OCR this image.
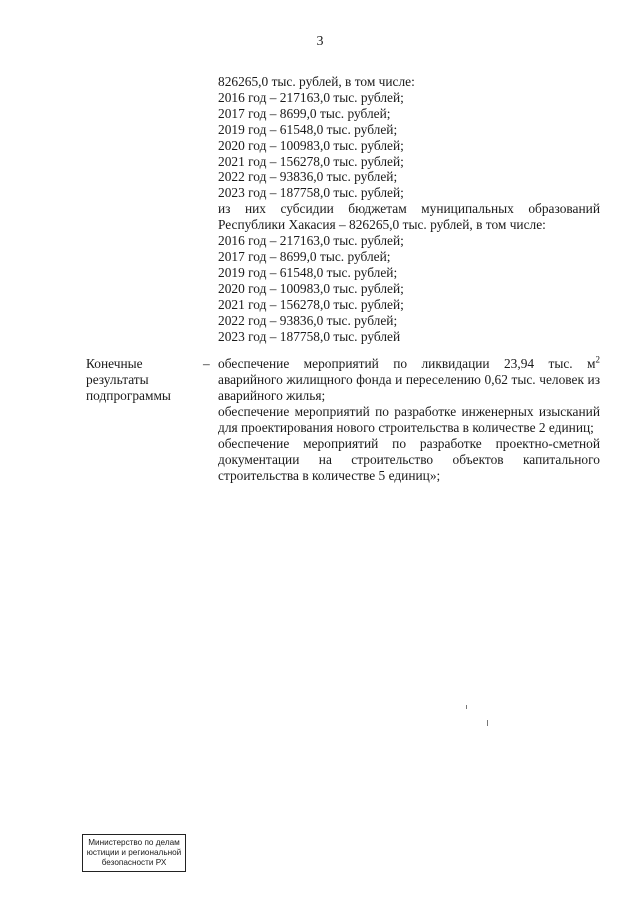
3
826265,0 тыс. рублей, в том числе:
2016 год – 217163,0 тыс. рублей;
2017 год – 8699,0 тыс. рублей;
2019 год – 61548,0 тыс. рублей;
2020 год – 100983,0 тыс. рублей;
2021 год – 156278,0 тыс. рублей;
2022 год – 93836,0 тыс. рублей;
2023 год – 187758,0 тыс. рублей;
из них субсидии бюджетам муниципальных образований
Республики Хакасия – 826265,0 тыс. рублей, в том числе:
2016 год – 217163,0 тыс. рублей;
2017 год – 8699,0 тыс. рублей;
2019 год – 61548,0 тыс. рублей;
2020 год – 100983,0 тыс. рублей;
2021 год – 156278,0 тыс. рублей;
2022 год – 93836,0 тыс. рублей;
2023 год – 187758,0 тыс. рублей
Конечные
результаты
подпрограммы
– обеспечение мероприятий по ликвидации 23,94 тыс. $м^2$ аварийного жилищного фонда и переселению 0,62 тыс. человек из аварийного жилья;
обеспечение мероприятий по разработке инженерных изысканий для проектирования нового строительства в количестве 2 единиц;
обеспечение мероприятий по разработке проектно-сметной документации на строительство объектов капитального строительства в количестве 5 единиц»;
Министерство по делам
юстиции и региональной
безопасности РХ
